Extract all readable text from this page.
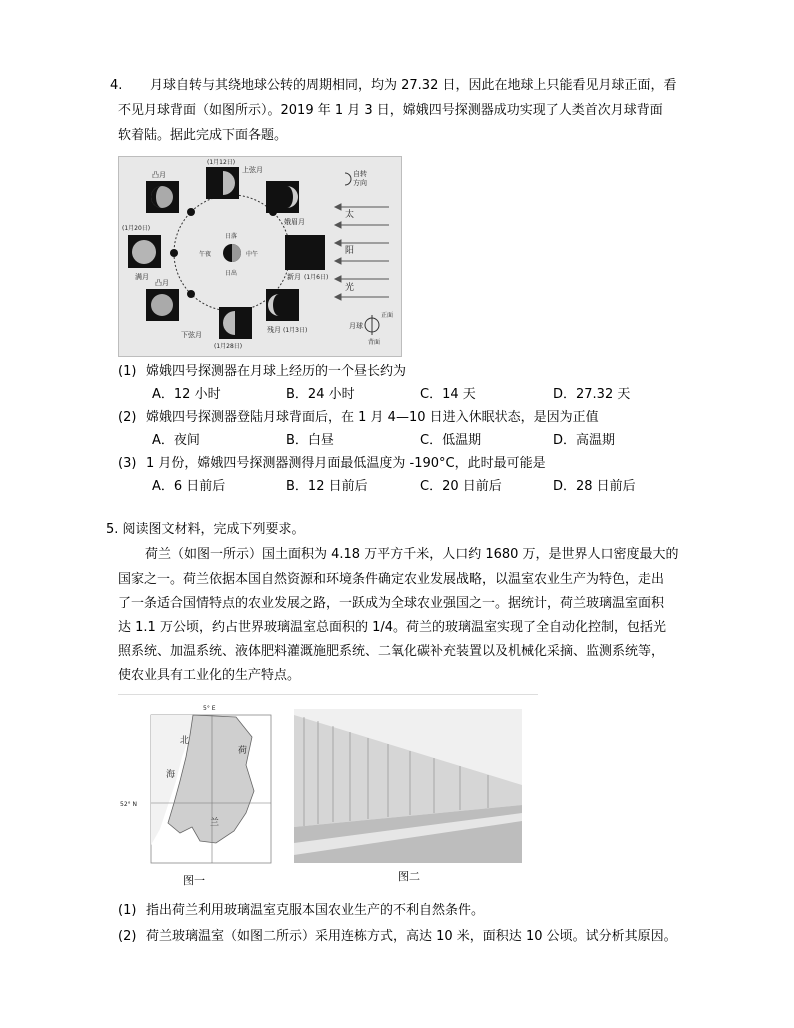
4. 月球自转与其绕地球公转的周期相同，均为 27.32 日，因此在地球上只能看见月球正面，看
不见月球背面（如图所示）。2019 年 1 月 3 日，嫦娥四号探测器成功实现了人类首次月球背面
软着陆。据此完成下面各题。
凸月
(1月12日)
上弦月	自转
方向
太
阳
光
娥眉月
(1月20日)
满月
日落
午夜	中午
日出	新月 (1月6日)
凸月
残月 (1月3日)
下弦月
(1月28日)
月球
正面
背面
(1) 嫦娥四号探测器在月球上经历的一个昼长约为
A．12 小时	B．24 小时	C．14 天	D．27.32 天
(2) 嫦娥四号探测器登陆月球背面后，在 1 月 4—10 日进入休眠状态，是因为正值
A．夜间	B．白昼	C．低温期	D．高温期
(3) 1 月份，嫦娥四号探测器测得月面最低温度为 -190°C，此时最可能是
A．6 日前后	B．12 日前后	C．20 日前后	D．28 日前后
5. 阅读图文材料，完成下列要求。
荷兰（如图一所示）国土面积为 4.18 万平方千米，人口约 1680 万，是世界人口密度最大的
国家之一。荷兰依据本国自然资源和环境条件确定农业发展战略，以温室农业生产为特色，走出
了一条适合国情特点的农业发展之路，一跃成为全球农业强国之一。据统计，荷兰玻璃温室面积
达 1.1 万公顷，约占世界玻璃温室总面积的 1/4。荷兰的玻璃温室实现了全自动化控制，包括光
照系统、加温系统、液体肥料灌溉施肥系统、二氧化碳补充装置以及机械化采摘、监测系统等，
使农业具有工业化的生产特点。
5° E
52° N
北
海
荷
兰
图一	图二
(1) 指出荷兰利用玻璃温室克服本国农业生产的不利自然条件。
(2) 荷兰玻璃温室（如图二所示）采用连栋方式，高达 10 米，面积达 10 公顷。试分析其原因。
